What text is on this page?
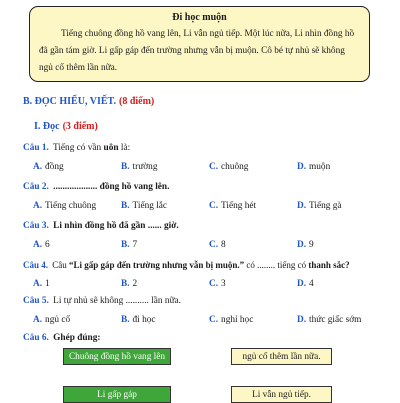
Đi học muộn

Tiếng chuông đồng hồ vang lên, Li vẫn ngủ tiếp. Một lúc nữa, Li nhìn đồng hồ đã gần tám giờ. Li gấp gáp đến trường nhưng vẫn bị muộn. Cô bé tự nhủ sẽ không ngủ cố thêm lần nữa.

B. ĐỌC HIỂU, VIẾT. (8 điểm)
I. Đọc (3 điểm)
Câu 1. Tiếng có vần uôn là:
A. đồng	B. trường	C. chuông	D. muộn
Câu 2. ................... đồng hồ vang lên.
A. Tiếng chuông	B. Tiếng lắc	C. Tiếng hét	D. Tiếng gà
Câu 3. Li nhìn đồng hồ đã gần ...... giờ.
A. 6	B. 7	C. 8	D. 9
Câu 4. Câu “Li gấp gáp đến trường nhưng vẫn bị muộn.” có ........ tiếng có thanh sắc?
A. 1	B. 2	C. 3	D. 4
Câu 5. Li tự nhủ sẽ không .......... lần nữa.
A. ngủ cố	B. đi học	C. nghỉ học	D. thức giấc sớm
Câu 6. Ghép đúng:
Chuông đồng hồ vang lên	ngủ cố thêm lần nữa.
Li gấp gáp	Li vẫn ngủ tiếp.
